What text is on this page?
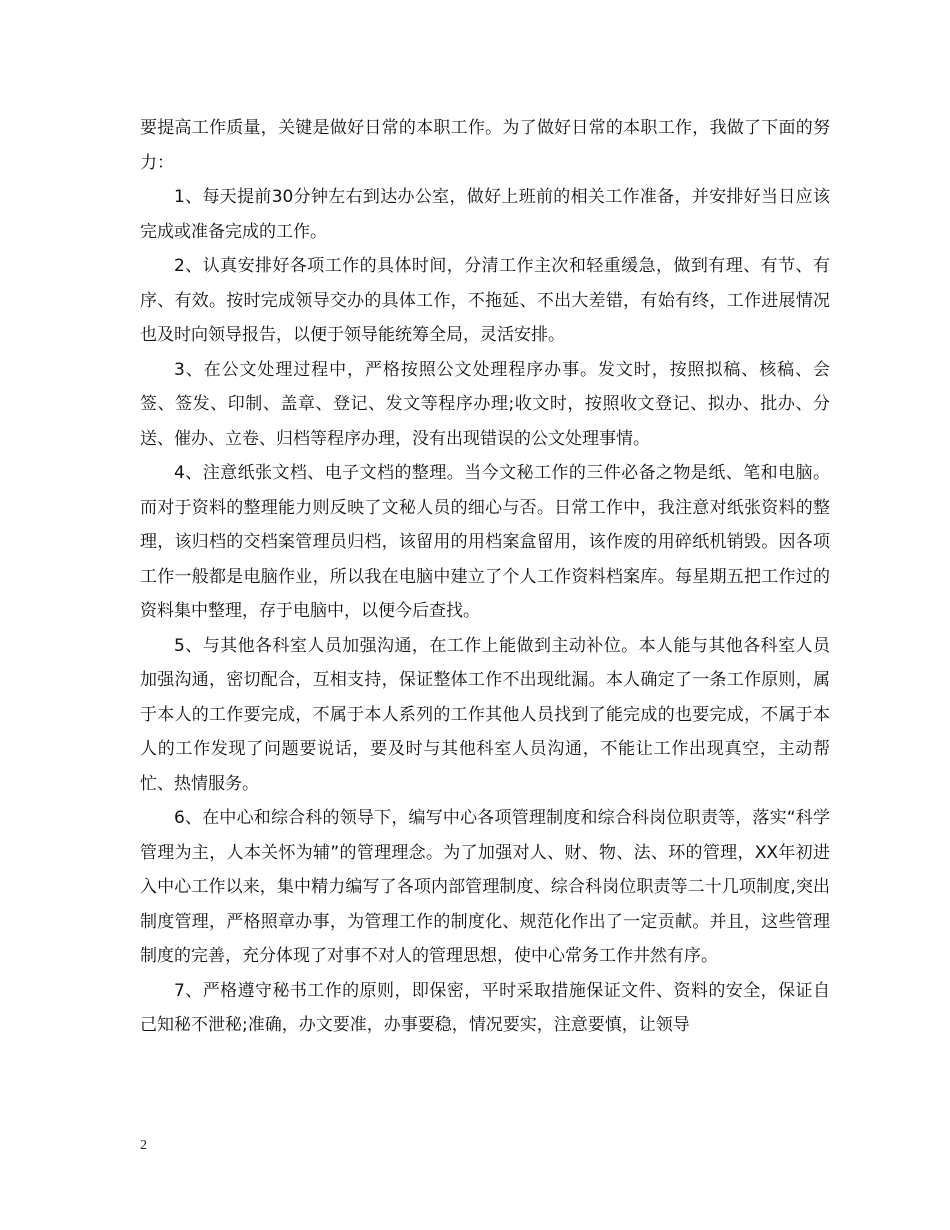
要提高工作质量，关键是做好日常的本职工作。为了做好日常的本职工作，我做了下面的努力：

1、每天提前30分钟左右到达办公室，做好上班前的相关工作准备，并安排好当日应该完成或准备完成的工作。

2、认真安排好各项工作的具体时间，分清工作主次和轻重缓急，做到有理、有节、有序、有效。按时完成领导交办的具体工作，不拖延、不出大差错，有始有终，工作进展情况也及时向领导报告，以便于领导能统筹全局，灵活安排。

3、在公文处理过程中，严格按照公文处理程序办事。发文时，按照拟稿、核稿、会签、签发、印制、盖章、登记、发文等程序办理;收文时，按照收文登记、拟办、批办、分送、催办、立卷、归档等程序办理，没有出现错误的公文处理事情。

4、注意纸张文档、电子文档的整理。当今文秘工作的三件必备之物是纸、笔和电脑。而对于资料的整理能力则反映了文秘人员的细心与否。日常工作中，我注意对纸张资料的整理，该归档的交档案管理员归档，该留用的用档案盒留用，该作废的用碎纸机销毁。因各项工作一般都是电脑作业，所以我在电脑中建立了个人工作资料档案库。每星期五把工作过的资料集中整理，存于电脑中，以便今后查找。

5、与其他各科室人员加强沟通，在工作上能做到主动补位。本人能与其他各科室人员加强沟通，密切配合，互相支持，保证整体工作不出现纰漏。本人确定了一条工作原则，属于本人的工作要完成，不属于本人系列的工作其他人员找到了能完成的也要完成，不属于本人的工作发现了问题要说话，要及时与其他科室人员沟通，不能让工作出现真空，主动帮忙、热情服务。

6、在中心和综合科的领导下，编写中心各项管理制度和综合科岗位职责等，落实“科学管理为主，人本关怀为辅”的管理理念。为了加强对人、财、物、法、环的管理，XX年初进入中心工作以来，集中精力编写了各项内部管理制度、综合科岗位职责等二十几项制度,突出制度管理，严格照章办事，为管理工作的制度化、规范化作出了一定贡献。并且，这些管理制度的完善，充分体现了对事不对人的管理思想，使中心常务工作井然有序。

7、严格遵守秘书工作的原则，即保密，平时采取措施保证文件、资料的安全，保证自己知秘不泄秘;准确，办文要准，办事要稳，情况要实，注意要慎，让领导

2
